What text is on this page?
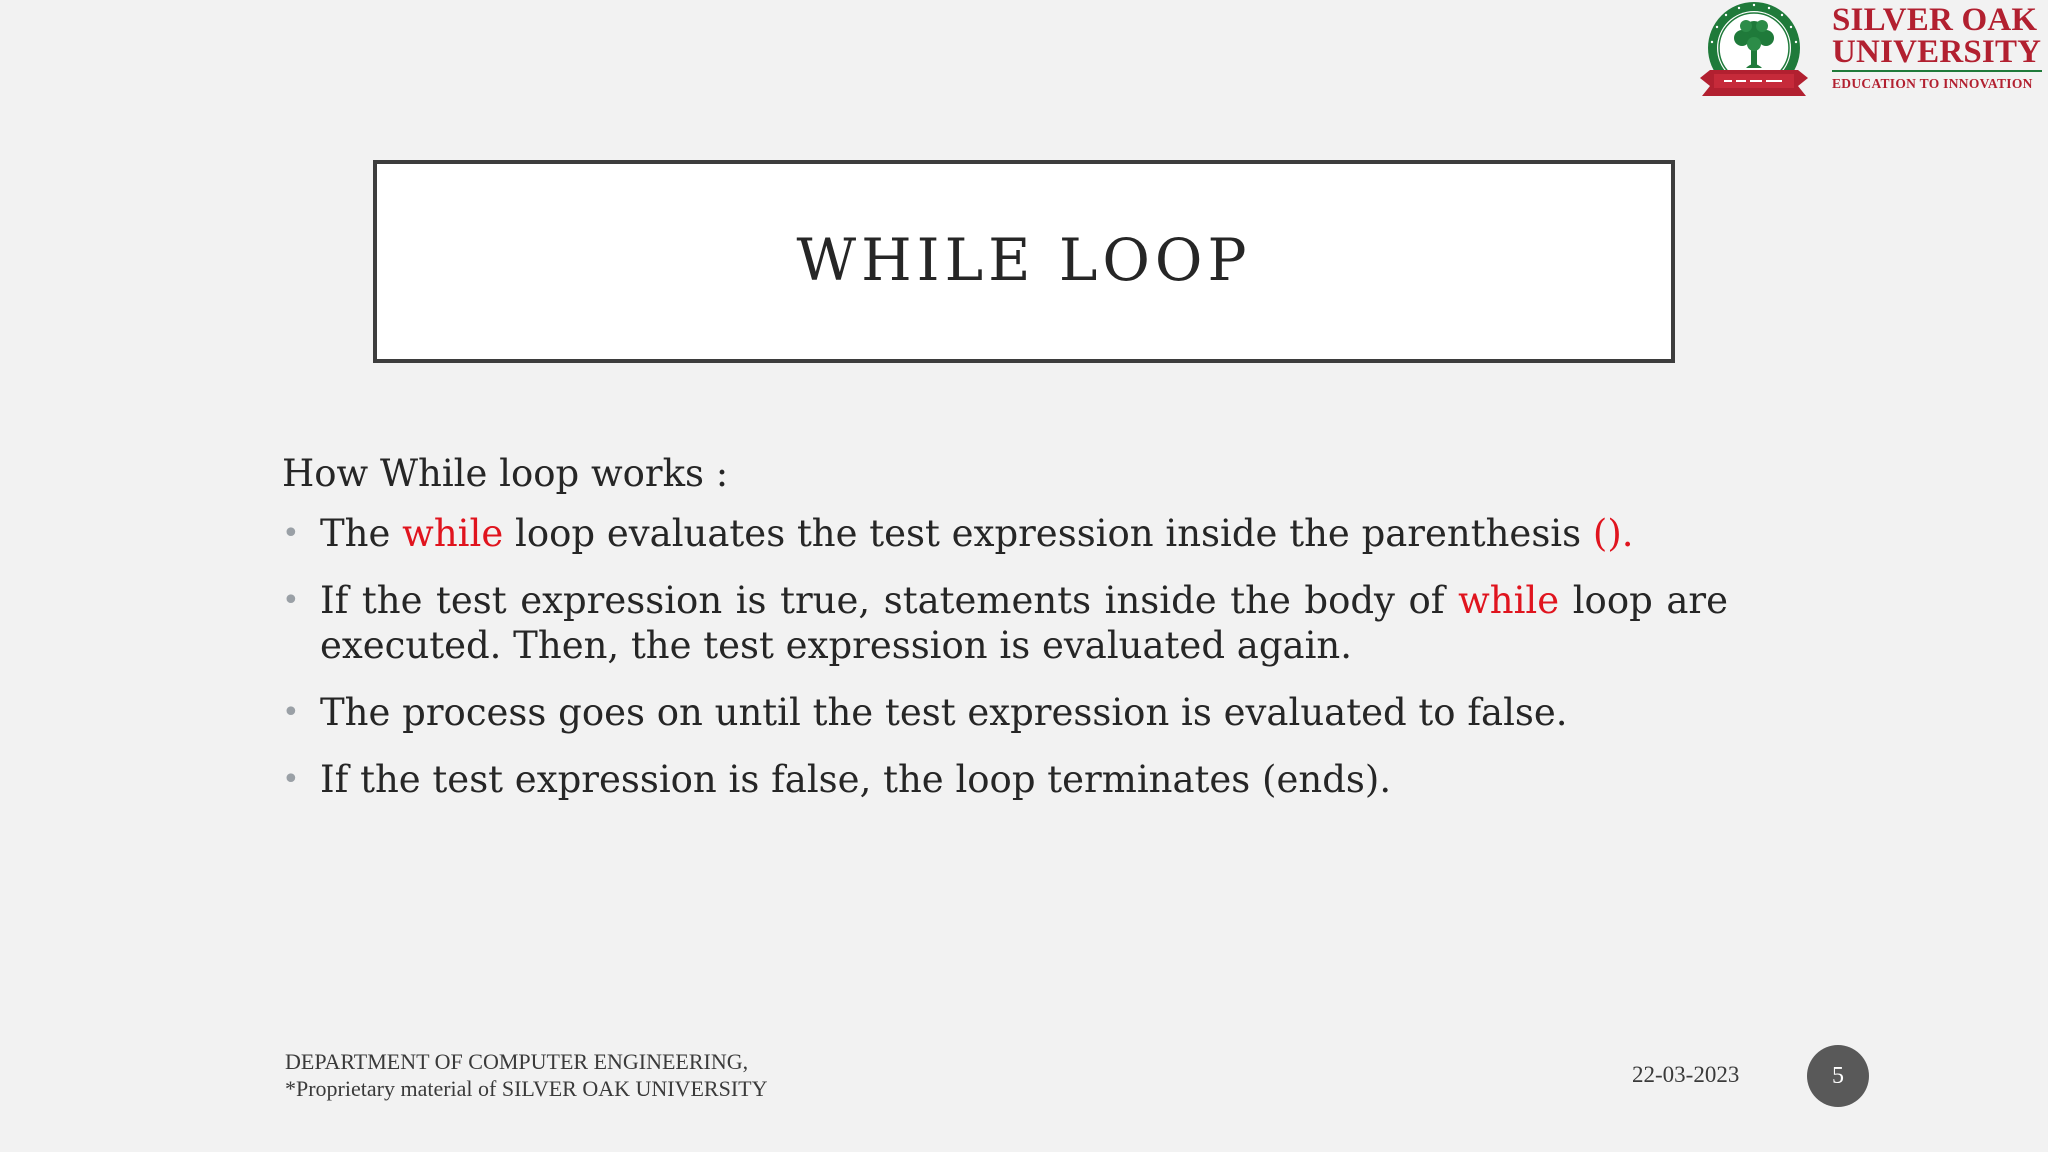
SILVER OAK
UNIVERSITY
EDUCATION TO INNOVATION
WHILE LOOP

How While loop works :

• The while loop evaluates the test expression inside the parenthesis ().
• If the test expression is true, statements inside the body of while loop are executed. Then, the test expression is evaluated again.
• The process goes on until the test expression is evaluated to false.
• If the test expression is false, the loop terminates (ends).
DEPARTMENT OF COMPUTER ENGINEERING,
*Proprietary material of SILVER OAK UNIVERSITY
22-03-2023	5
